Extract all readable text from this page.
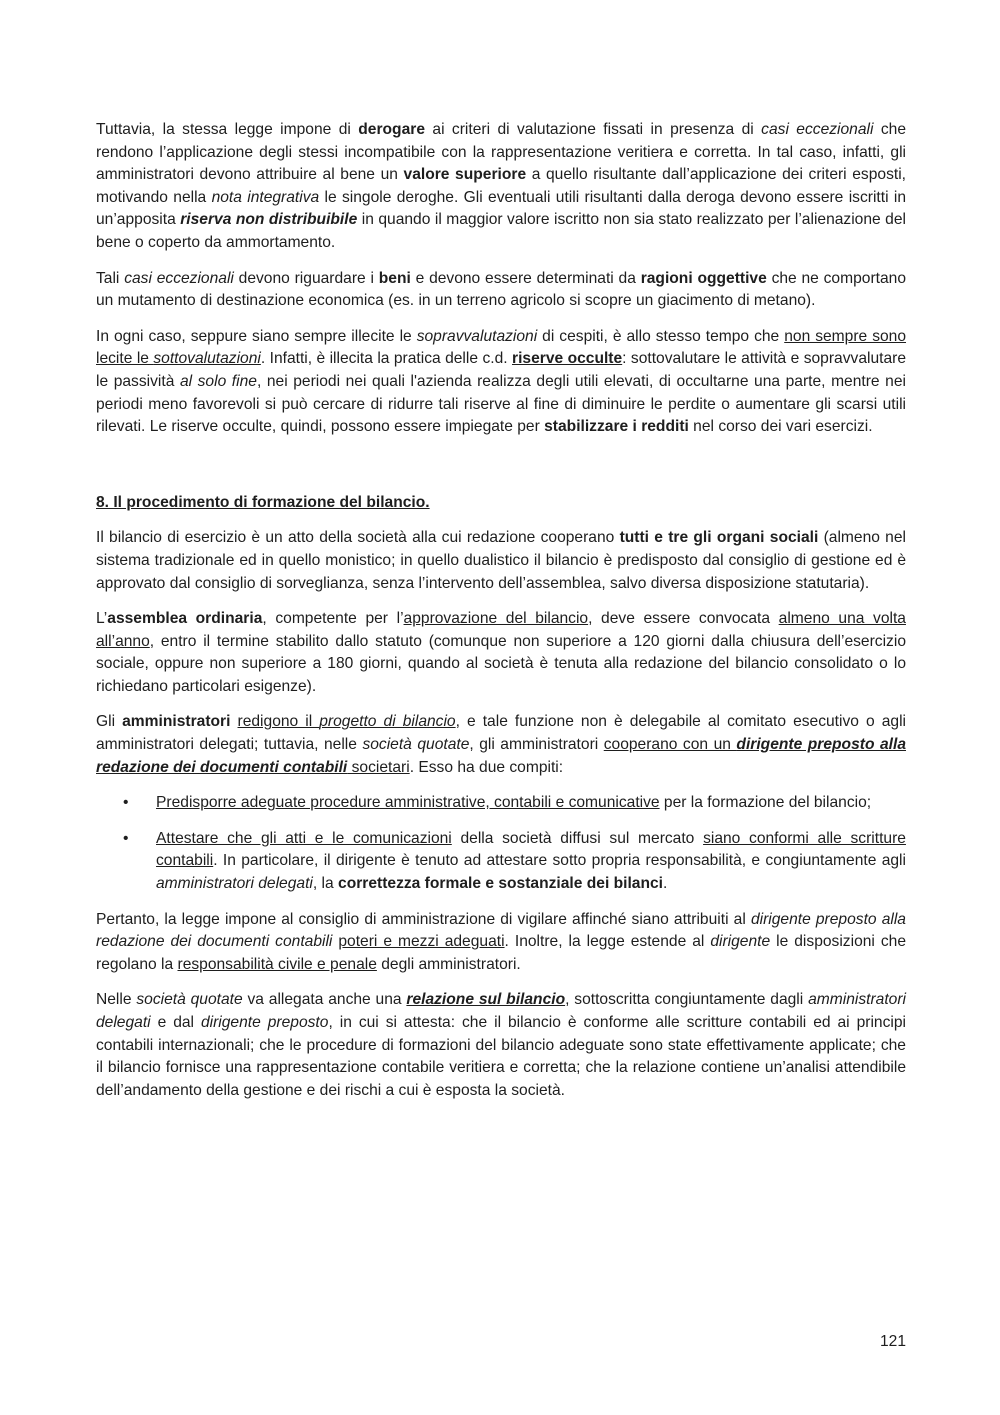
Tuttavia, la stessa legge impone di derogare ai criteri di valutazione fissati in presenza di casi eccezionali che rendono l’applicazione degli stessi incompatibile con la rappresentazione veritiera e corretta. In tal caso, infatti, gli amministratori devono attribuire al bene un valore superiore a quello risultante dall’applicazione dei criteri esposti, motivando nella nota integrativa le singole deroghe. Gli eventuali utili risultanti dalla deroga devono essere iscritti in un’apposita riserva non distribuibile in quando il maggior valore iscritto non sia stato realizzato per l’alienazione del bene o coperto da ammortamento.

Tali casi eccezionali devono riguardare i beni e devono essere determinati da ragioni oggettive che ne comportano un mutamento di destinazione economica (es. in un terreno agricolo si scopre un giacimento di metano).

In ogni caso, seppure siano sempre illecite le sopravvalutazioni di cespiti, è allo stesso tempo che non sempre sono lecite le sottovalutazioni. Infatti, è illecita la pratica delle c.d. riserve occulte: sottovalutare le attività e sopravvalutare le passività al solo fine, nei periodi nei quali l'azienda realizza degli utili elevati, di occultarne una parte, mentre nei periodi meno favorevoli si può cercare di ridurre tali riserve al fine di diminuire le perdite o aumentare gli scarsi utili rilevati. Le riserve occulte, quindi, possono essere impiegate per stabilizzare i redditi nel corso dei vari esercizi.

8. Il procedimento di formazione del bilancio.

Il bilancio di esercizio è un atto della società alla cui redazione cooperano tutti e tre gli organi sociali (almeno nel sistema tradizionale ed in quello monistico; in quello dualistico il bilancio è predisposto dal consiglio di gestione ed è approvato dal consiglio di sorveglianza, senza l’intervento dell’assemblea, salvo diversa disposizione statutaria).

L’assemblea ordinaria, competente per l’approvazione del bilancio, deve essere convocata almeno una volta all’anno, entro il termine stabilito dallo statuto (comunque non superiore a 120 giorni dalla chiusura dell’esercizio sociale, oppure non superiore a 180 giorni, quando al società è tenuta alla redazione del bilancio consolidato o lo richiedano particolari esigenze).

Gli amministratori redigono il progetto di bilancio, e tale funzione non è delegabile al comitato esecutivo o agli amministratori delegati; tuttavia, nelle società quotate, gli amministratori cooperano con un dirigente preposto alla redazione dei documenti contabili societari. Esso ha due compiti:

• Predisporre adeguate procedure amministrative, contabili e comunicative per la formazione del bilancio;
• Attestare che gli atti e le comunicazioni della società diffusi sul mercato siano conformi alle scritture contabili. In particolare, il dirigente è tenuto ad attestare sotto propria responsabilità, e congiuntamente agli amministratori delegati, la correttezza formale e sostanziale dei bilanci.

Pertanto, la legge impone al consiglio di amministrazione di vigilare affinché siano attribuiti al dirigente preposto alla redazione dei documenti contabili poteri e mezzi adeguati. Inoltre, la legge estende al dirigente le disposizioni che regolano la responsabilità civile e penale degli amministratori.

Nelle società quotate va allegata anche una relazione sul bilancio, sottoscritta congiuntamente dagli amministratori delegati e dal dirigente preposto, in cui si attesta: che il bilancio è conforme alle scritture contabili ed ai principi contabili internazionali; che le procedure di formazioni del bilancio adeguate sono state effettivamente applicate; che il bilancio fornisce una rappresentazione contabile veritiera e corretta; che la relazione contiene un’analisi attendibile dell’andamento della gestione e dei rischi a cui è esposta la società.

121
